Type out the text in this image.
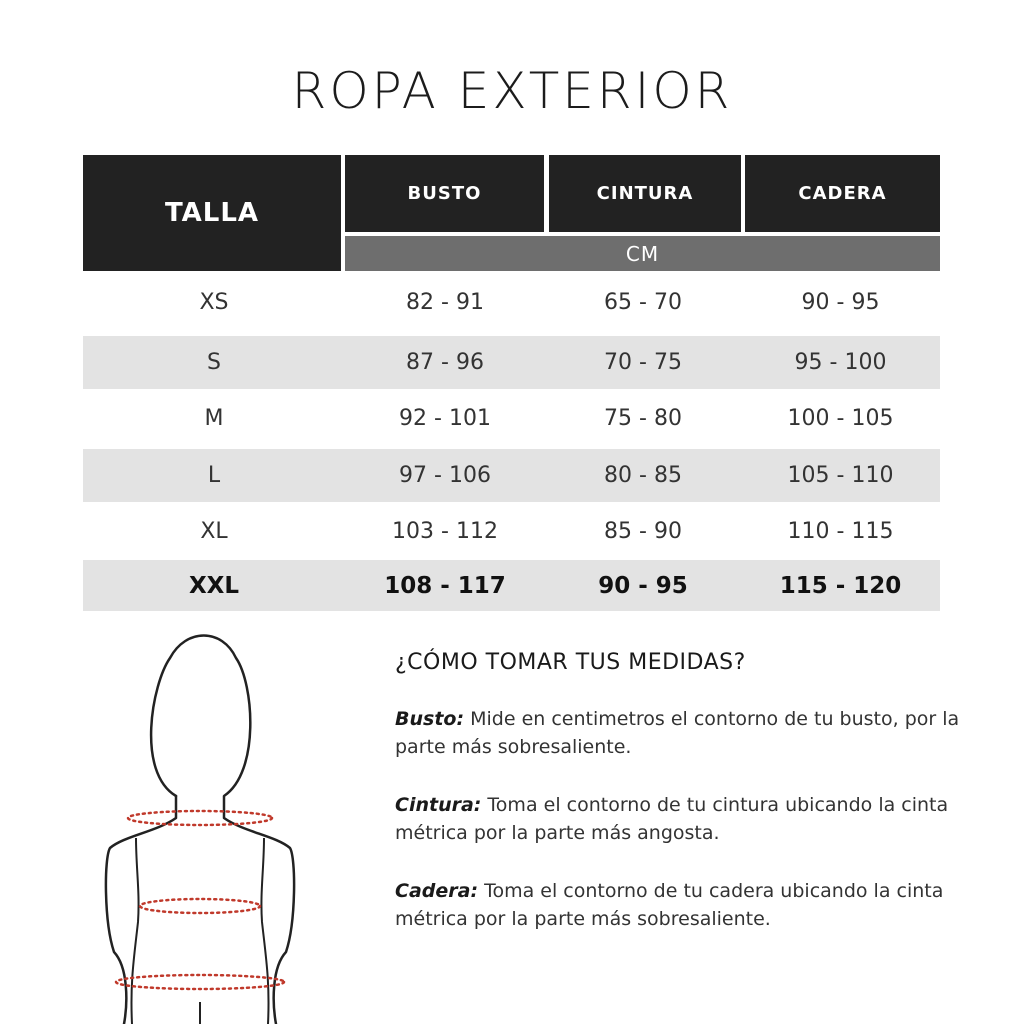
ROPA EXTERIOR
TALLA
BUSTO	CINTURA	CADERA
CM
XS	82 - 91	65 - 70	90 - 95
S	87 - 96	70 - 75	95 - 100
M	92 - 101	75 - 80	100 - 105
L	97 - 106	80 - 85	105 - 110
XL	103 - 112	85 - 90	110 - 115
XXL	108 - 117	90 - 95	115 - 120
¿CÓMO TOMAR TUS MEDIDAS?

Busto: Mide en centimetros el contorno de tu busto, por la parte más sobresaliente.

Cintura: Toma el contorno de tu cintura ubicando la cinta métrica por la parte más angosta.

Cadera: Toma el contorno de tu cadera ubicando la cinta métrica por la parte más sobresaliente.
